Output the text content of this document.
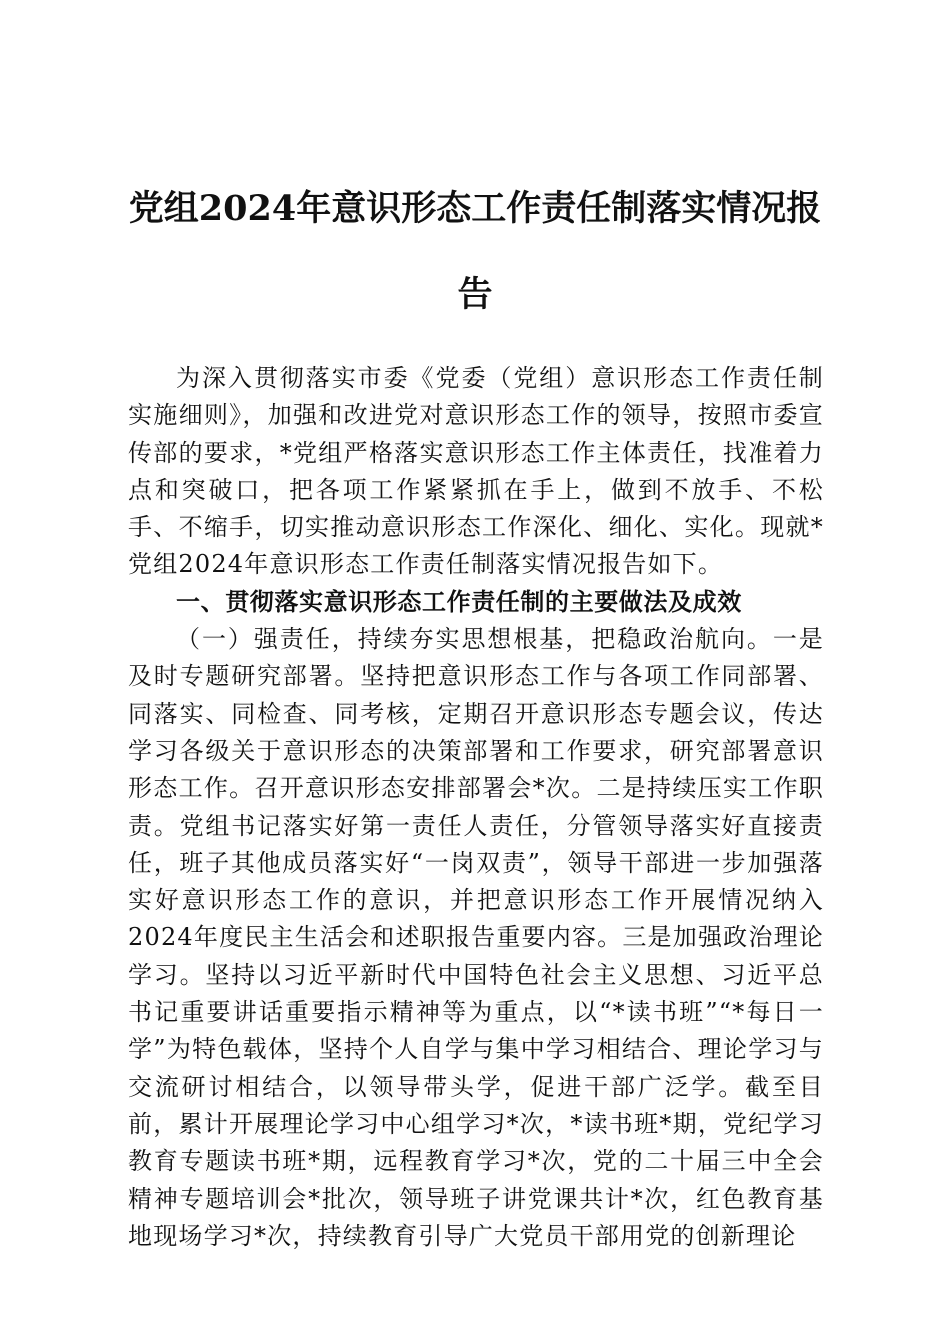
党组2024年意识形态工作责任制落实情况报告

为深入贯彻落实市委《党委（党组）意识形态工作责任制实施细则》，加强和改进党对意识形态工作的领导，按照市委宣传部的要求，*党组严格落实意识形态工作主体责任，找准着力点和突破口，把各项工作紧紧抓在手上，做到不放手、不松手、不缩手，切实推动意识形态工作深化、细化、实化。现就*党组2024年意识形态工作责任制落实情况报告如下。

一、贯彻落实意识形态工作责任制的主要做法及成效

（一）强责任，持续夯实思想根基，把稳政治航向。一是及时专题研究部署。坚持把意识形态工作与各项工作同部署、同落实、同检查、同考核，定期召开意识形态专题会议，传达学习各级关于意识形态的决策部署和工作要求，研究部署意识形态工作。召开意识形态安排部署会*次。二是持续压实工作职责。党组书记落实好第一责任人责任，分管领导落实好直接责任，班子其他成员落实好“一岗双责”，领导干部进一步加强落实好意识形态工作的意识，并把意识形态工作开展情况纳入2024年度民主生活会和述职报告重要内容。三是加强政治理论学习。坚持以习近平新时代中国特色社会主义思想、习近平总书记重要讲话重要指示精神等为重点，以“*读书班”“*每日一学”为特色载体，坚持个人自学与集中学习相结合、理论学习与交流研讨相结合，以领导带头学，促进干部广泛学。截至目前，累计开展理论学习中心组学习*次，*读书班*期，党纪学习教育专题读书班*期，远程教育学习*次，党的二十届三中全会精神专题培训会*批次，领导班子讲党课共计*次，红色教育基地现场学习*次，持续教育引导广大党员干部用党的创新理论
